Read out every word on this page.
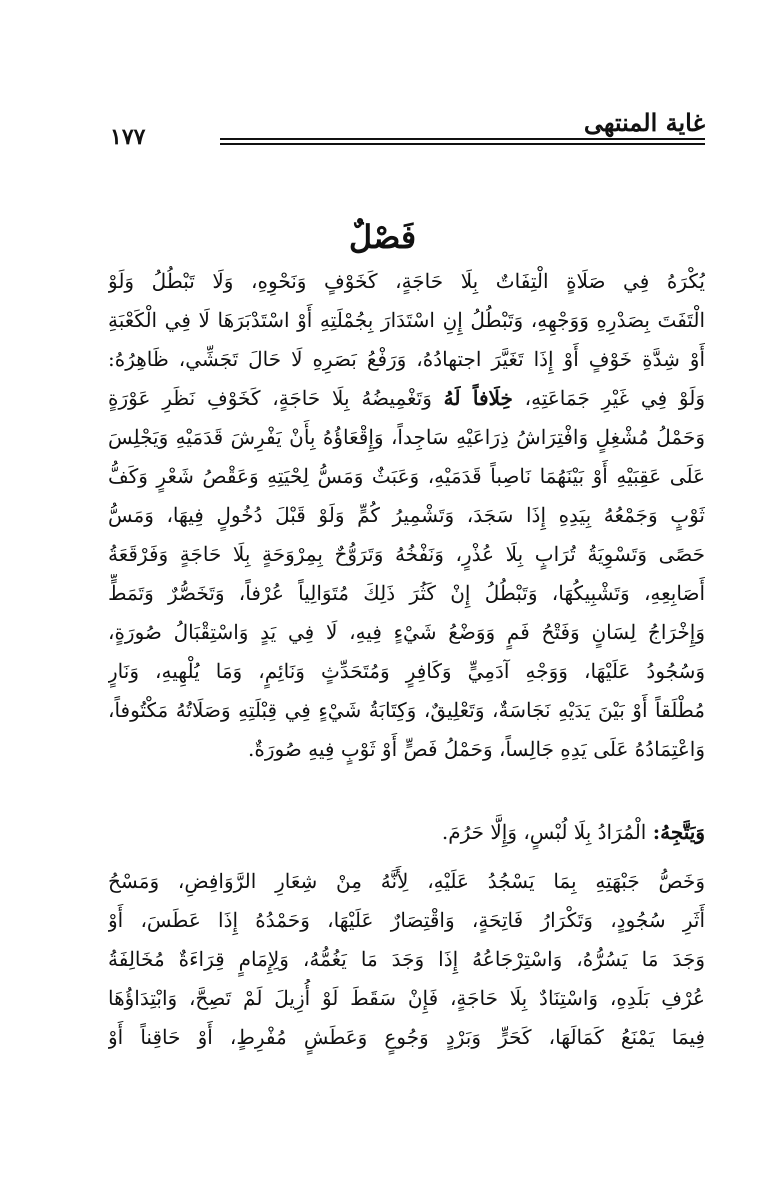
غاية المنتهى
١٧٧
فَصْلٌ
يُكْرَهُ فِي صَلَاةٍ الْتِفَاتٌ بِلَا حَاجَةٍ، كَخَوْفٍ وَنَحْوِهِ، وَلَا تَبْطُلُ وَلَوْ
الْتَفَتَ بِصَدْرِهِ وَوَجْهِهِ، وَتَبْطُلُ إِنِ اسْتَدَارَ بِجُمْلَتِهِ أَوْ اسْتَدْبَرَهَا لَا فِي الْكَعْبَةِ
أَوْ شِدَّةِ خَوْفٍ أَوْ إِذَا تَغَيَّرَ اجتهادُهُ، وَرَفْعُ بَصَرِهِ لَا حَالَ تَجَشِّي، ظَاهِرُهُ:
وَلَوْ فِي غَيْرِ جَمَاعَتِهِ، خِلَافاً لَهُ وَتَغْمِيضُهُ بِلَا حَاجَةٍ، كَخَوْفِ نَظَرِ عَوْرَةٍ
وَحَمْلُ مُشْغِلٍ وَافْتِرَاشُ ذِرَاعَيْهِ سَاجِداً، وَإِقْعَاؤُهُ بِأَنْ يَفْرِشَ قَدَمَيْهِ وَيَجْلِسَ
عَلَى عَقِبَيْهِ أَوْ بَيْنَهُمَا نَاصِباً قَدَمَيْهِ، وَعَبَثٌ وَمَسُّ لِحْيَتِهِ وَعَقْصُ شَعْرٍ وَكَفُّ
ثَوْبٍ وَجَمْعُهُ بِيَدِهِ إِذَا سَجَدَ، وَتَشْمِيرُ كُمٍّ وَلَوْ قَبْلَ دُخُولٍ فِيهَا، وَمَسُّ
حَصًى وَتَسْوِيَةُ تُرَابٍ بِلَا عُذْرٍ، وَنَفْخُهُ وَتَرَوُّحٌ بِمِرْوَحَةٍ بِلَا حَاجَةٍ وَفَرْقَعَةُ
أَصَابِعِهِ، وَتَشْبِيكُهَا، وَتَبْطُلُ إِنْ كَثُرَ ذَلِكَ مُتَوَالِياً عُرْفاً، وَتَخَصُّرٌ وَتَمَطٍّ
وَإِخْرَاجُ لِسَانٍ وَفَتْحُ فَمٍ وَوَضْعُ شَيْءٍ فِيهِ، لَا فِي يَدٍ وَاسْتِقْبَالُ صُورَةٍ،
وَسُجُودُ عَلَيْهَا، وَوَجْهِ آدَمِيٍّ وَكَافِرٍ وَمُتَحَدِّثٍ وَنَائِمٍ، وَمَا يُلْهِيهِ، وَنَارٍ
مُطْلَقاً أَوْ بَيْنَ يَدَيْهِ نَجَاسَةٌ، وَتَعْلِيقٌ، وَكِتَابَةُ شَيْءٍ فِي قِبْلَتِهِ وَصَلَاتُهُ مَكْتُوفاً،
وَاعْتِمَادُهُ عَلَى يَدِهِ جَالِساً، وَحَمْلُ فَصٍّ أَوْ ثَوْبٍ فِيهِ صُورَةٌ.
وَيَتَّجِهُ: الْمُرَادُ بِلَا لُبْسٍ، وَإِلَّا حَرُمَ.
وَخَصُّ جَبْهَتِهِ بِمَا يَسْجُدُ عَلَيْهِ، لِأَنَّهُ مِنْ شِعَارِ الرَّوَافِضِ، وَمَسْحُ
أَثَرِ سُجُودٍ، وَتَكْرَارُ فَاتِحَةٍ، وَاقْتِصَارٌ عَلَيْهَا، وَحَمْدُهُ إِذَا عَطَسَ، أَوْ
وَجَدَ مَا يَسُرُّهُ، وَاسْتِرْجَاعُهُ إِذَا وَجَدَ مَا يَغُمُّهُ، وَلِإِمَامٍ قِرَاءَةٌ مُخَالِفَةُ
عُرْفِ بَلَدِهِ، وَاسْتِنَادٌ بِلَا حَاجَةٍ، فَإِنْ سَقَطَ لَوْ أُزِيلَ لَمْ تَصِحَّ، وَابْتِدَاؤُهَا
فِيمَا يَمْنَعُ كَمَالَهَا، كَحَرٍّ وَبَرْدٍ وَجُوعٍ وَعَطَشٍ مُفْرِطٍ، أَوْ حَاقِناً أَوْ
